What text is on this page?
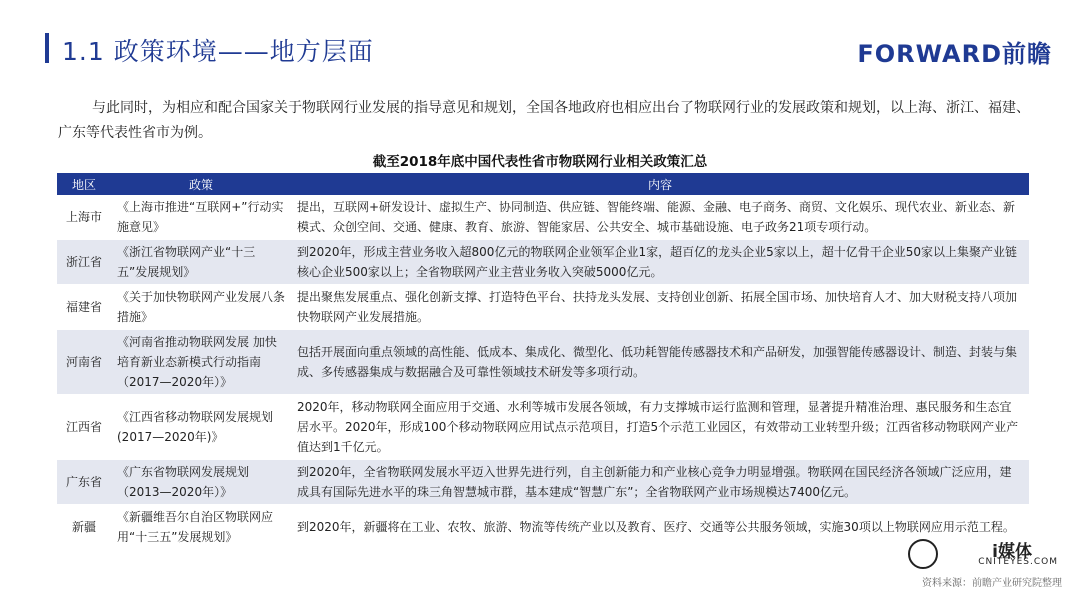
1.1 政策环境——地方层面	FORWARD前瞻

与此同时，为相应和配合国家关于物联网行业发展的指导意见和规划，全国各地政府也相应出台了物联网行业的发展政策和规划，以上海、浙江、福建、广东等代表性省市为例。

截至2018年底中国代表性省市物联网行业相关政策汇总
地区	政策	内容
上海市	《上海市推进“互联网+”行动实施意见》	提出，互联网+研发设计、虚拟生产、协同制造、供应链、智能终端、能源、金融、电子商务、商贸、文化娱乐、现代农业、新业态、新模式、众创空间、交通、健康、教育、旅游、智能家居、公共安全、城市基础设施、电子政务21项专项行动。
浙江省	《浙江省物联网产业“十三五”发展规划》	到2020年，形成主营业务收入超800亿元的物联网企业领军企业1家，超百亿的龙头企业5家以上，超十亿骨干企业50家以上集聚产业链核心企业500家以上；全省物联网产业主营业务收入突破5000亿元。
福建省	《关于加快物联网产业发展八条措施》	提出聚焦发展重点、强化创新支撑、打造特色平台、扶持龙头发展、支持创业创新、拓展全国市场、加快培育人才、加大财税支持八项加快物联网产业发展措施。
河南省	《河南省推动物联网发展 加快培育新业态新模式行动指南（2017—2020年）》	包括开展面向重点领域的高性能、低成本、集成化、微型化、低功耗智能传感器技术和产品研发，加强智能传感器设计、制造、封装与集成、多传感器集成与数据融合及可靠性领域技术研发等多项行动。
江西省	《江西省移动物联网发展规划(2017—2020年)》	2020年，移动物联网全面应用于交通、水利等城市发展各领域，有力支撑城市运行监测和管理，显著提升精准治理、惠民服务和生态宜居水平。2020年，形成100个移动物联网应用试点示范项目，打造5个示范工业园区，有效带动工业转型升级；江西省移动物联网产业产值达到1千亿元。
广东省	《广东省物联网发展规划（2013—2020年）》	到2020年，全省物联网发展水平迈入世界先进行列，自主创新能力和产业核心竞争力明显增强。物联网在国民经济各领域广泛应用，建成具有国际先进水平的珠三角智慧城市群，基本建成“智慧广东”；全省物联网产业市场规模达7400亿元。
新疆	《新疆维吾尔自治区物联网应用“十三五”发展规划》	到2020年，新疆将在工业、农牧、旅游、物流等传统产业以及教育、医疗、交通等公共服务领域，实施30项以上物联网应用示范工程。
i媒体
CNITEYES.COM
资料来源：前瞻产业研究院整理
